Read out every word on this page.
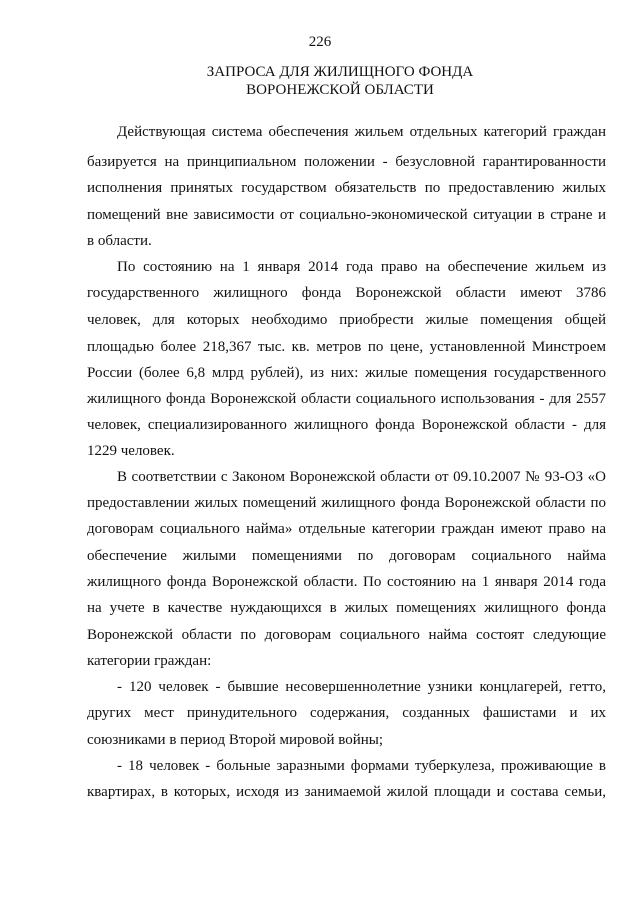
226
ЗАПРОСА ДЛЯ ЖИЛИЩНОГО ФОНДА
ВОРОНЕЖСКОЙ ОБЛАСТИ
Действующая система обеспечения жильем отдельных категорий граждан
базируется на принципиальном положении - безусловной гарантированности
исполнения принятых государством обязательств по предоставлению жилых
помещений вне зависимости от социально-экономической ситуации в стране и
в области.
По состоянию на 1 января 2014 года право на обеспечение жильем из
государственного жилищного фонда Воронежской области имеют 3786
человек, для которых необходимо приобрести жилые помещения общей
площадью более 218,367 тыс. кв. метров по цене, установленной Минстроем
России (более 6,8 млрд рублей), из них: жилые помещения государственного
жилищного фонда Воронежской области социального использования - для 2557
человек, специализированного жилищного фонда Воронежской области - для
1229 человек.
В соответствии с Законом Воронежской области от 09.10.2007 № 93-ОЗ «О
предоставлении жилых помещений жилищного фонда Воронежской области по
договорам социального найма» отдельные категории граждан имеют право на
обеспечение жилыми помещениями по договорам социального найма
жилищного фонда Воронежской области. По состоянию на 1 января 2014 года
на учете в качестве нуждающихся в жилых помещениях жилищного фонда
Воронежской области по договорам социального найма состоят следующие
категории граждан:
- 120 человек - бывшие несовершеннолетние узники концлагерей, гетто,
других мест принудительного содержания, созданных фашистами и их
союзниками в период Второй мировой войны;
- 18 человек - больные заразными формами туберкулеза, проживающие в
квартирах, в которых, исходя из занимаемой жилой площади и состава семьи,
